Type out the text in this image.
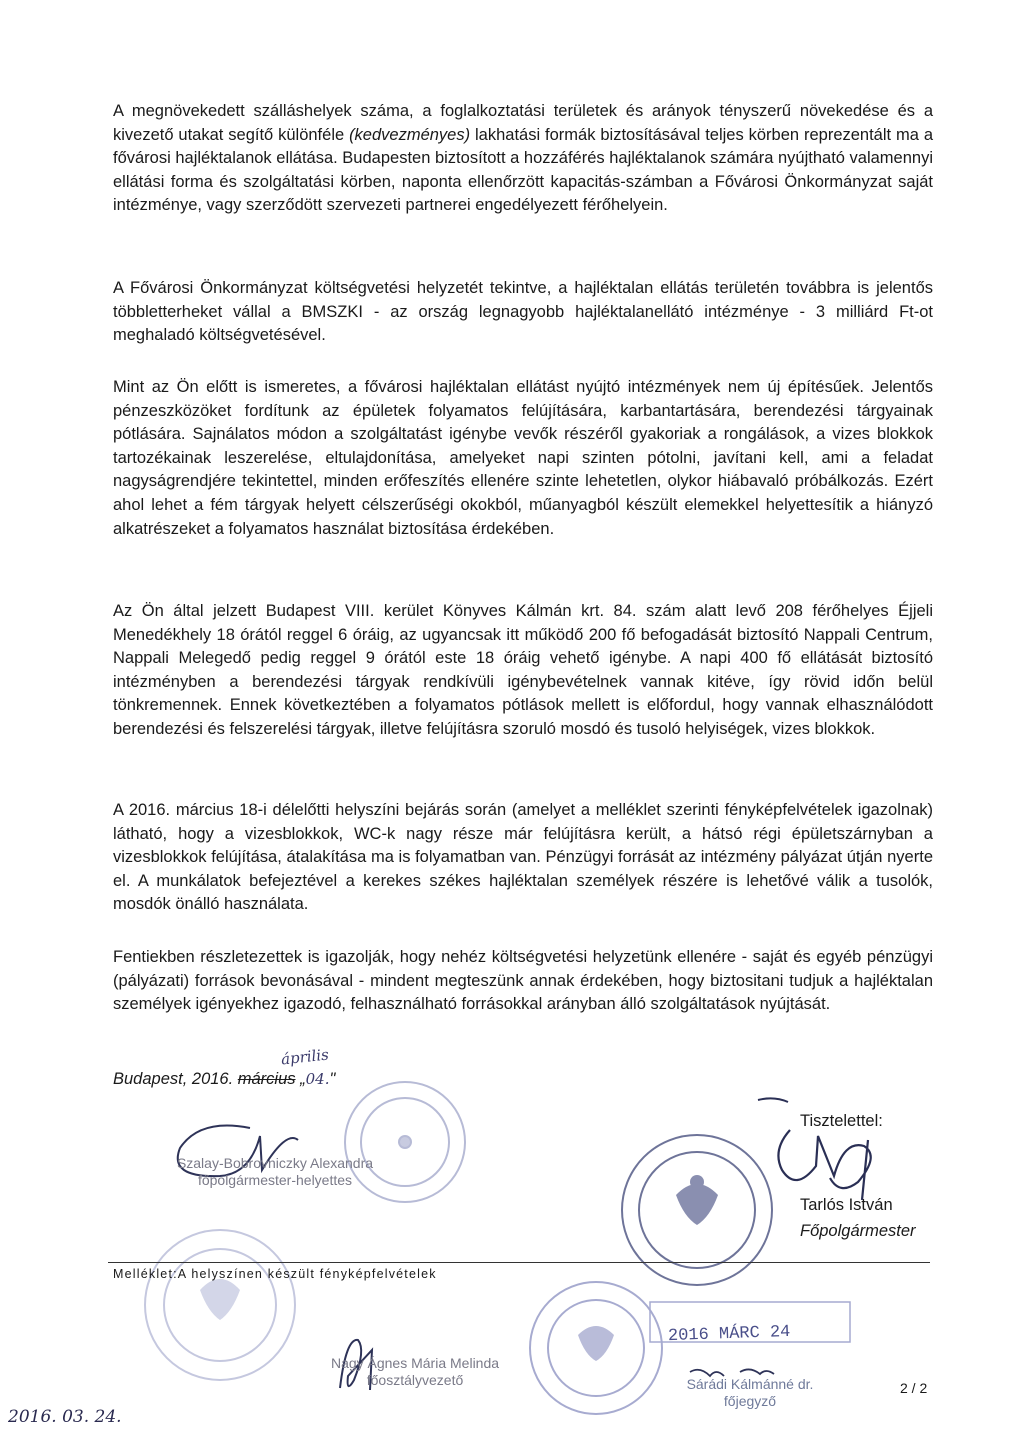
A megnövekedett szálláshelyek száma, a foglalkoztatási területek és arányok tényszerű növekedése és a kivezető utakat segítő különféle (kedvezményes) lakhatási formák biztosításával teljes körben reprezentált ma a fővárosi hajléktalanok ellátása. Budapesten biztosított a hozzáférés hajléktalanok számára nyújtható valamennyi ellátási forma és szolgáltatási körben, naponta ellenőrzött kapacitás-számban a Fővárosi Önkormányzat saját intézménye, vagy szerződött szervezeti partnerei engedélyezett férőhelyein.

A Fővárosi Önkormányzat költségvetési helyzetét tekintve, a hajléktalan ellátás területén továbbra is jelentős többletterheket vállal a BMSZKI - az ország legnagyobb hajléktalanellátó intézménye - 3 milliárd Ft-ot meghaladó költségvetésével.

Mint az Ön előtt is ismeretes, a fővárosi hajléktalan ellátást nyújtó intézmények nem új építésűek. Jelentős pénzeszközöket fordítunk az épületek folyamatos felújítására, karbantartására, berendezési tárgyainak pótlására. Sajnálatos módon a szolgáltatást igénybe vevők részéről gyakoriak a rongálások, a vizes blokkok tartozékainak leszerelése, eltulajdonítása, amelyeket napi szinten pótolni, javítani kell, ami a feladat nagyságrendjére tekintettel, minden erőfeszítés ellenére szinte lehetetlen, olykor hiábavaló próbálkozás. Ezért ahol lehet a fém tárgyak helyett célszerűségi okokból, műanyagból készült elemekkel helyettesítik a hiányzó alkatrészeket a folyamatos használat biztosítása érdekében.

Az Ön által jelzett Budapest VIII. kerület Könyves Kálmán krt. 84. szám alatt levő 208 férőhelyes Éjjeli Menedékhely 18 órától reggel 6 óráig, az ugyancsak itt működő 200 fő befogadását biztosító Nappali Centrum, Nappali Melegedő pedig reggel 9 órától este 18 óráig vehető igénybe. A napi 400 fő ellátását biztosító intézményben a berendezési tárgyak rendkívüli igénybevételnek vannak kitéve, így rövid időn belül tönkremennek. Ennek következtében a folyamatos pótlások mellett is előfordul, hogy vannak elhasználódott berendezési és felszerelési tárgyak, illetve felújításra szoruló mosdó és tusoló helyiségek, vizes blokkok.

A 2016. március 18-i délelőtti helyszíni bejárás során (amelyet a melléklet szerinti fényképfelvételek igazolnak) látható, hogy a vizesblokkok, WC-k nagy része már felújításra került, a hátsó régi épületszárnyban a vizesblokkok felújítása, átalakítása ma is folyamatban van. Pénzügyi forrását az intézmény pályázat útján nyerte el. A munkálatok befejeztével a kerekes székes hajléktalan személyek részére is lehetővé válik a tusolók, mosdók önálló használata.

Fentiekben részletezettek is igazolják, hogy nehéz költségvetési helyzetünk ellenére - saját és egyéb pénzügyi (pályázati) források bevonásával - mindent megteszünk annak érdekében, hogy biztositani tudjuk a hajléktalan személyek igényekhez igazodó, felhasználható forrásokkal arányban álló szolgáltatások nyújtását.

április
Budapest, 2016. március „04."
Tisztelettel:
Tarlós István
Főpolgármester
Szalay-Bobrovniczky Alexandra
főpolgármester-helyettes
Melléklet:A helyszínen készült fényképfelvételek
2016 MÁRC 24
Nagy Ágnes Mária Melinda
főosztályvezető	Sárádi Kálmánné dr.
főjegyző
2 / 2
2016. 03. 24.
